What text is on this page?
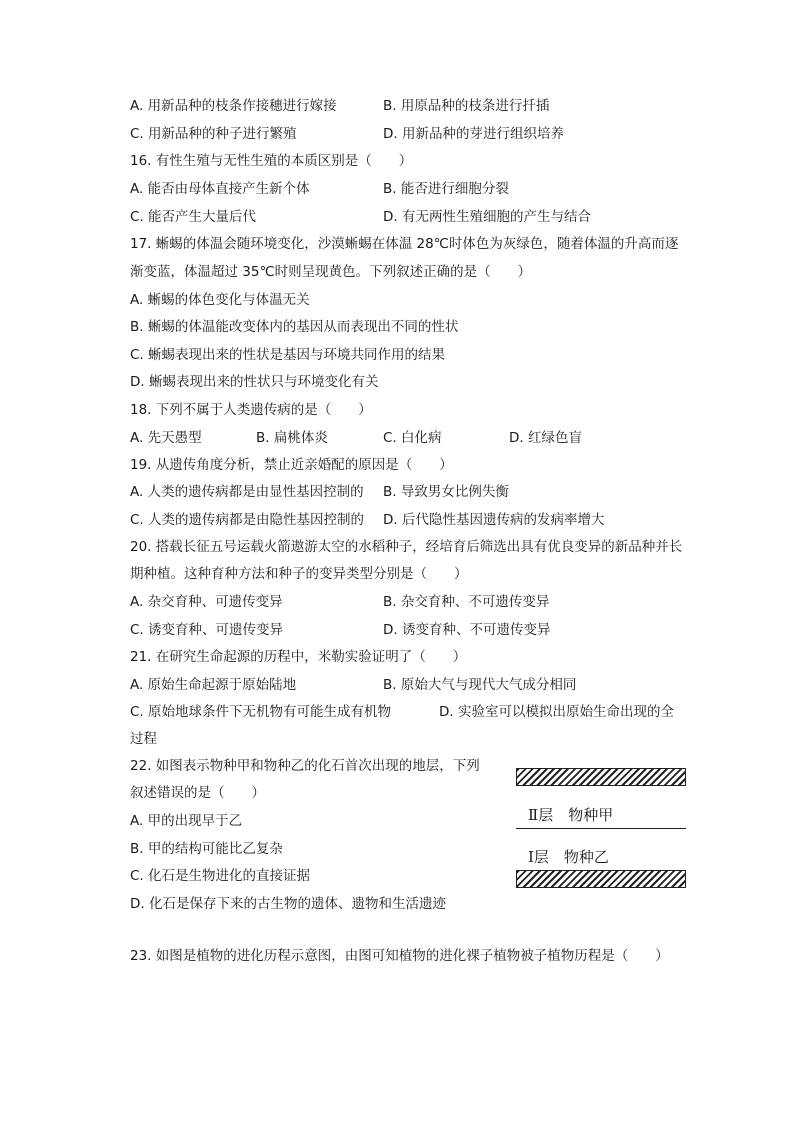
A. 用新品种的枝条作接穗进行嫁接	B. 用原品种的枝条进行扦插
C. 用新品种的种子进行繁殖	D. 用新品种的芽进行组织培养
16. 有性生殖与无性生殖的本质区别是（　　）
A. 能否由母体直接产生新个体	B. 能否进行细胞分裂
C. 能否产生大量后代	D. 有无两性生殖细胞的产生与结合
17. 蜥蜴的体温会随环境变化，沙漠蜥蜴在体温 28℃时体色为灰绿色，随着体温的升高而逐
渐变蓝，体温超过 35℃时则呈现黄色。下列叙述正确的是（　　）
A. 蜥蜴的体色变化与体温无关
B. 蜥蜴的体温能改变体内的基因从而表现出不同的性状
C. 蜥蜴表现出来的性状是基因与环境共同作用的结果
D. 蜥蜴表现出来的性状只与环境变化有关
18. 下列不属于人类遗传病的是（　　）
A. 先天愚型	B. 扁桃体炎	C. 白化病	D. 红绿色盲
19. 从遗传角度分析，禁止近亲婚配的原因是（　　）
A. 人类的遗传病都是由显性基因控制的 B. 导致男女比例失衡
C. 人类的遗传病都是由隐性基因控制的 D. 后代隐性基因遗传病的发病率增大
20. 搭载长征五号运载火箭遨游太空的水稻种子，经培育后筛选出具有优良变异的新品种并长
期种植。这种育种方法和种子的变异类型分别是（　　）
A. 杂交育种、可遗传变异	B. 杂交育种、不可遗传变异
C. 诱变育种、可遗传变异	D. 诱变育种、不可遗传变异
21. 在研究生命起源的历程中，米勒实验证明了（　　）
A. 原始生命起源于原始陆地	B. 原始大气与现代大气成分相同
C. 原始地球条件下无机物有可能生成有机物	D. 实验室可以模拟出原始生命出现的全
过程
22. 如图表示物种甲和物种乙的化石首次出现的地层，下列
叙述错误的是（　　）
A. 甲的出现早于乙
B. 甲的结构可能比乙复杂
C. 化石是生物进化的直接证据
D. 化石是保存下来的古生物的遗体、遗物和生活遗迹
Ⅱ层　物种甲
Ⅰ层　物种乙
23. 如图是植物的进化历程示意图，由图可知植物的进化裸子植物被子植物历程是（　　）
